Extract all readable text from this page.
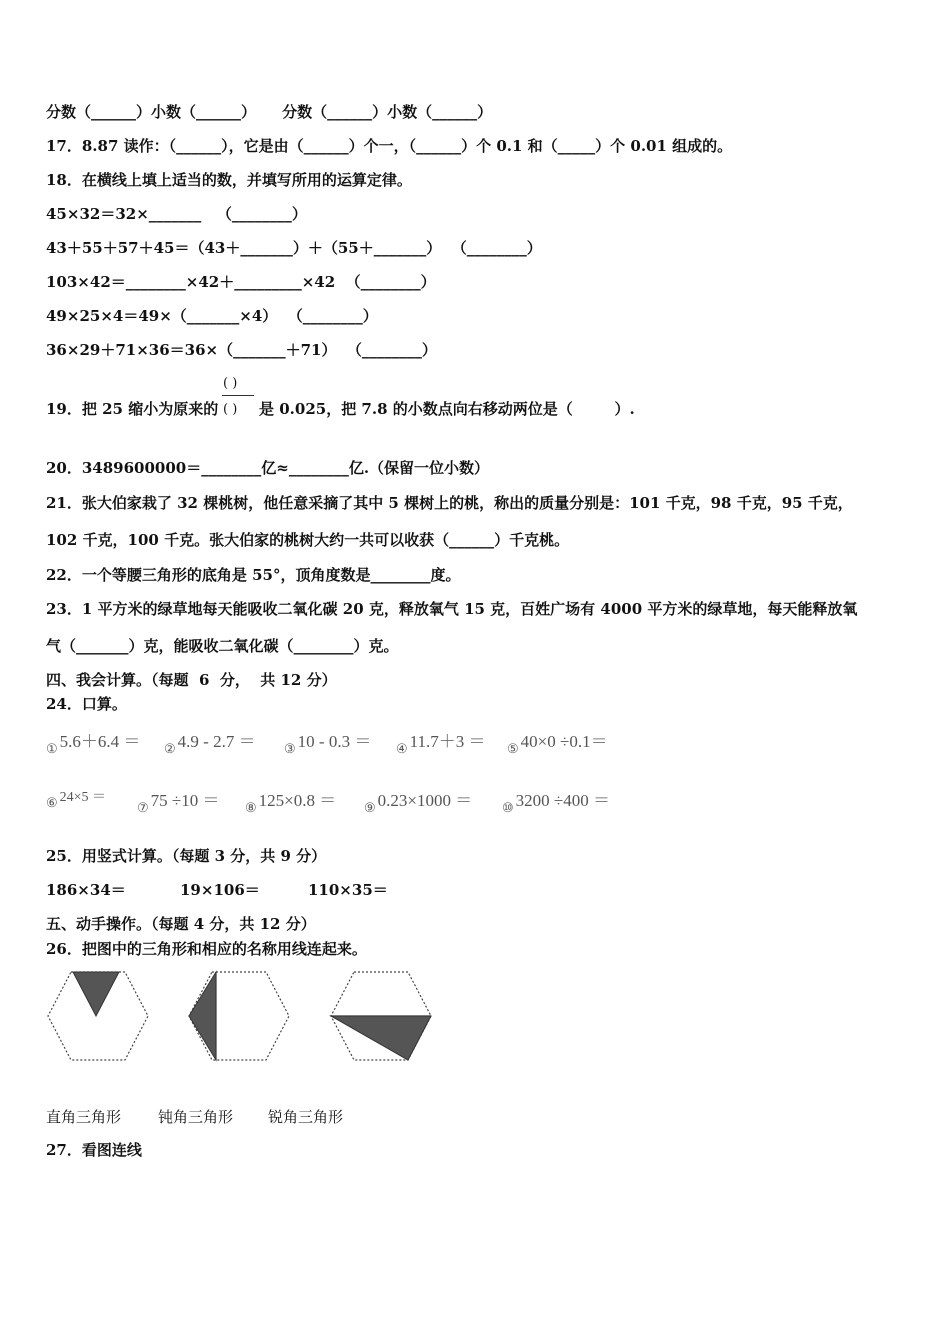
分数（______）小数（______）     分数（______）小数（______）
17．8.87 读作：（______），它是由（______）个一，（______）个 0.1 和（_____）个 0.01 组成的。
18．在横线上填上适当的数，并填写所用的运算定律。
45×32＝32×_______   （________）
43＋55＋57＋45＝（43＋_______）＋（55＋_______）  （________）
103×42＝________×42＋_________×42  （________）
49×25×4＝49×（_______×4）  （________）
36×29＋71×36＝36×（_______＋71）  （________）
19．把 25 缩小为原来的
( )
( ) 是 0.025，把 7.8 的小数点向右移动两位是（        ）.
20．3489600000＝________亿≈________亿.（保留一位小数）
21．张大伯家栽了 32 棵桃树，他任意采摘了其中 5 棵树上的桃，称出的质量分别是：101 千克，98 千克，95 千克，
102 千克，100 千克。张大伯家的桃树大约一共可以收获（______）千克桃。
22．一个等腰三角形的底角是 55°，顶角度数是________度。
23．1 平方米的绿草地每天能吸收二氧化碳 20 克，释放氧气 15 克，百姓广场有 4000 平方米的绿草地，每天能释放氧
气（_______）克，能吸收二氧化碳（________）克。
四、我会计算。（每题  6  分，  共 12 分）
24．口算。
$_①$ 5.6＋6.4 ＝ $_②$ 4.9 - 2.7 ＝ $_③$ 10 - 0.3 ＝ $_④$ 11.7＋3 ＝ $_⑤$ 40×0 ÷0.1＝
$_⑥$ 24×5 ＝
$_⑦$ 75 ÷10 ＝ $_⑧$ 125×0.8 ＝ $_⑨$ 0.23×1000 ＝ $_⑩$ 3200 ÷400 ＝
25．用竖式计算。（每题 3 分，共 9 分）
186×34＝	19×106＝	110×35＝
五、动手操作。（每题 4 分，共 12 分）
26．把图中的三角形和相应的名称用线连起来。
直角三角形 钝角三角形 锐角三角形
27．看图连线
